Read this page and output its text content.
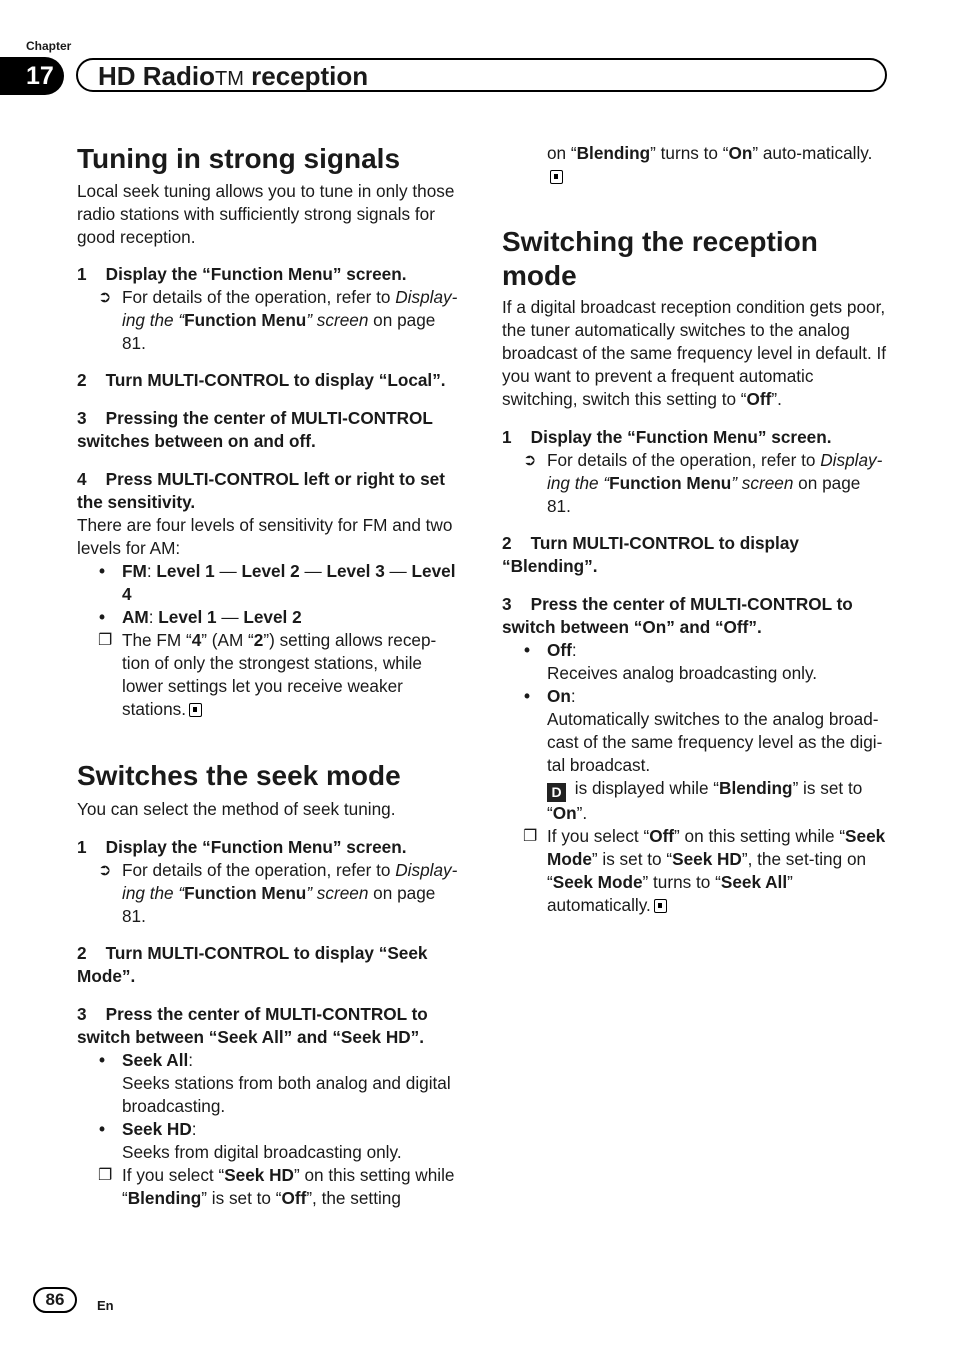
Chapter
17	HD RadioTM reception
Tuning in strong signals

Local seek tuning allows you to tune in only those radio stations with sufficiently strong signals for good reception.

1    Display the “Function Menu” screen.

➲ For details of the operation, refer to Display-ing the “Function Menu” screen on page 81.

2    Turn MULTI-CONTROL to display “Local”.

3    Pressing the center of MULTI-CONTROL switches between on and off.

4    Press MULTI-CONTROL left or right to set the sensitivity.

There are four levels of sensitivity for FM and two levels for AM:

• FM: Level 1 — Level 2 — Level 3 — Level 4

• AM: Level 1 — Level 2

❐ The FM “4” (AM “2”) setting allows recep-tion of only the strongest stations, while lower settings let you receive weaker stations.

Switches the seek mode

You can select the method of seek tuning.

1    Display the “Function Menu” screen.

➲ For details of the operation, refer to Display-ing the “Function Menu” screen on page 81.

2    Turn MULTI-CONTROL to display “Seek Mode”.

3    Press the center of MULTI-CONTROL to switch between “Seek All” and “Seek HD”.

• Seek All:

Seeks stations from both analog and digital broadcasting.

• Seek HD:

Seeks from digital broadcasting only.

❐ If you select “Seek HD” on this setting while “Blending” is set to “Off”, the setting

on “Blending” turns to “On” auto-matically.

Switching the reception mode

If a digital broadcast reception condition gets poor, the tuner automatically switches to the analog broadcast of the same frequency level in default. If you want to prevent a frequent automatic switching, switch this setting to “Off”.

1    Display the “Function Menu” screen.

➲ For details of the operation, refer to Display-ing the “Function Menu” screen on page 81.

2    Turn MULTI-CONTROL to display “Blending”.

3    Press the center of MULTI-CONTROL to switch between “On” and “Off”.

• Off:

Receives analog broadcasting only.

• On:

Automatically switches to the analog broad-cast of the same frequency level as the digi-tal broadcast.

D is displayed while “Blending” is set to “On”.

❐ If you select “Off” on this setting while “Seek Mode” is set to “Seek HD”, the set-ting on “Seek Mode” turns to “Seek All” automatically.

86	En
